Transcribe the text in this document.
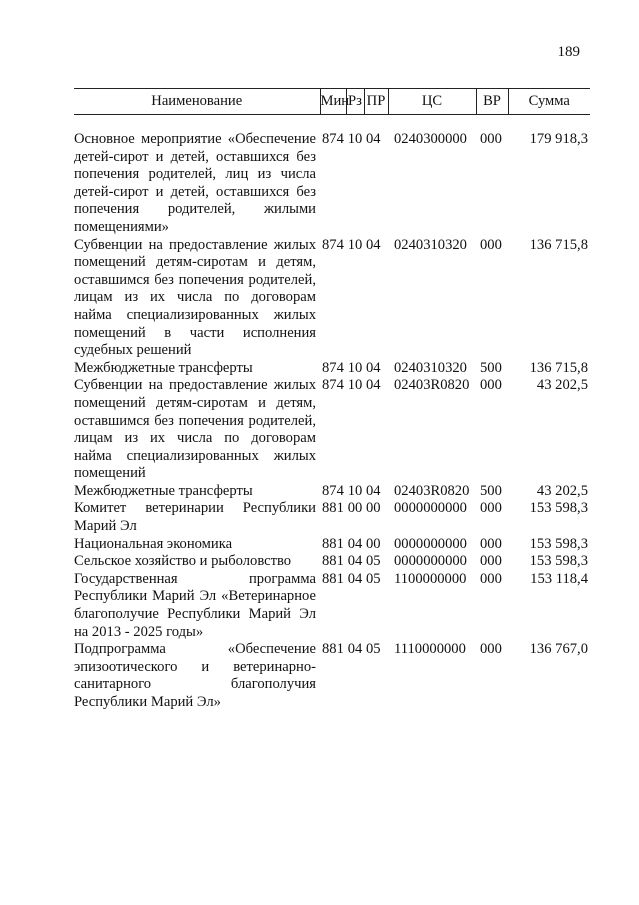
189
Наименование	Мин	Рз	ПР	ЦС	ВР	Сумма

Основное мероприятие «Обеспечение детей-сирот и детей, оставшихся без попечения родителей, лиц из числа детей-сирот и детей, оставшихся без попечения родителей, жилыми помещениями»	874	10	04	0240300000	000	179 918,3
Субвенции на предоставление жилых помещений детям-сиротам и детям, оставшимся без попечения родителей, лицам из их числа по договорам найма специализированных жилых помещений в части исполнения судебных решений	874	10	04	0240310320	000	136 715,8
Межбюджетные трансферты	874	10	04	0240310320	500	136 715,8
Субвенции на предоставление жилых помещений детям-сиротам и детям, оставшимся без попечения родителей, лицам из их числа по договорам найма специализированных жилых помещений	874	10	04	02403R0820	000	43 202,5
Межбюджетные трансферты	874	10	04	02403R0820	500	43 202,5
Комитет ветеринарии Республики Марий Эл	881	00	00	0000000000	000	153 598,3
Национальная экономика	881	04	00	0000000000	000	153 598,3
Сельское хозяйство и рыболовство	881	04	05	0000000000	000	153 598,3
Государственная программа Республики Марий Эл «Ветеринарное благополучие Республики Марий Эл на 2013 - 2025 годы»	881	04	05	1100000000	000	153 118,4
Подпрограмма «Обеспечение эпизоотического и ветеринарно-санитарного благополучия Республики Марий Эл»	881	04	05	1110000000	000	136 767,0
